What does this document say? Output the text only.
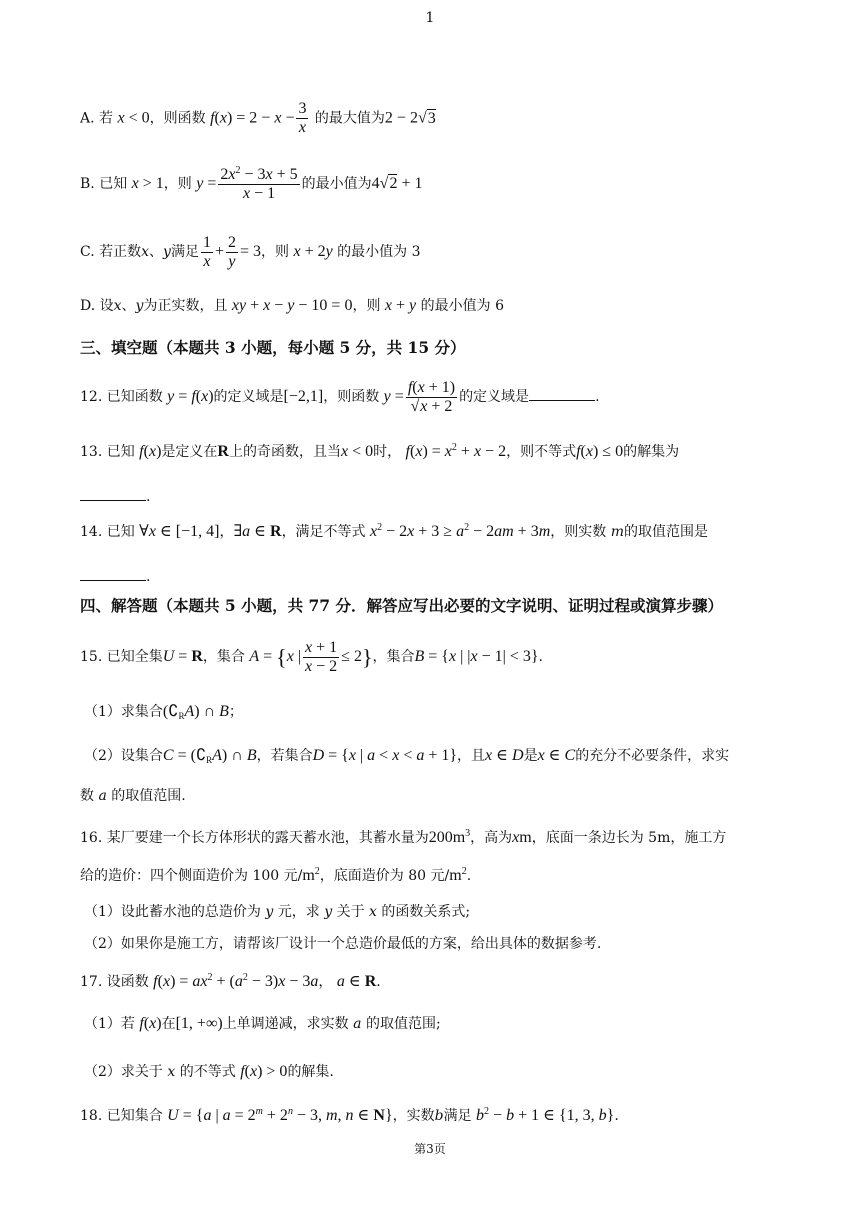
1
A. 若 x < 0，则函数 $f(x) = 2 - x - \frac{3}{x}$ 的最大值为2 − 2√3
B. 已知 x > 1，则 $y = \frac{2x^2 - 3x + 5}{x - 1}$ 的最小值为4√2 + 1
C. 若正数x、y满足 $\frac{1}{x} + \frac{2}{y} = 3$，则 x + 2y 的最小值为 3
D. 设x、y为正实数，且 xy + x − y − 10 = 0，则 x + y 的最小值为 6
三、填空题（本题共 3 小题，每小题 5 分，共 15 分）
12. 已知函数 y = f(x)的定义域是[−2,1]，则函数 $y = \frac{f(x + 1)}{√x + 2}$ 的定义域是	.
13. 已知 f(x)是定义在R上的奇函数，且当x < 0时， $f(x) = x^2 + x - 2$，则不等式f(x) ≤ 0的解集为
.
14. 已知 ∀x ∈ [−1, 4]，∃a ∈ R，满足不等式 $x^2 - 2x + 3 \ge a^2 - 2am + 3m$，则实数 m的取值范围是
.
四、解答题（本题共 5 小题，共 77 分．解答应写出必要的文字说明、证明过程或演算步骤）
15. 已知全集U = R，集合 A = {x | $\frac{x + 1}{x - 2} \le 2$}，集合B = {x | |x − 1| < 3}.
（1）求集合$(∁_RA)$ ∩ B；
（2）设集合$C = (∁_RA)$ ∩ B，若集合D = {x | a < x < a + 1}，且x ∈ D是x ∈ C的充分不必要条件，求实
数 a 的取值范围.
16. 某厂要建一个长方体形状的露天蓄水池，其蓄水量为$200m^3$，高为xm，底面一条边长为 5m，施工方
给的造价：四个侧面造价为 100 元$/m^2$，底面造价为 80 元$/m^2$.
（1）设此蓄水池的总造价为 y 元，求 y 关于 x 的函数关系式;
（2）如果你是施工方，请帮该厂设计一个总造价最低的方案，给出具体的数据参考.
17. 设函数 $f(x) = ax^2 + (a^2 - 3)x - 3a$， a ∈ R.
（1）若 f(x)在[1, +∞)上单调递减，求实数 a 的取值范围;
（2）求关于 x 的不等式 f(x) > 0的解集.
18. 已知集合 U = {a | $a = 2^m + 2^n - 3$, m, n ∈ N}，实数b满足 $b^2 - b + 1$ ∈ {1, 3, b}.
第3页
